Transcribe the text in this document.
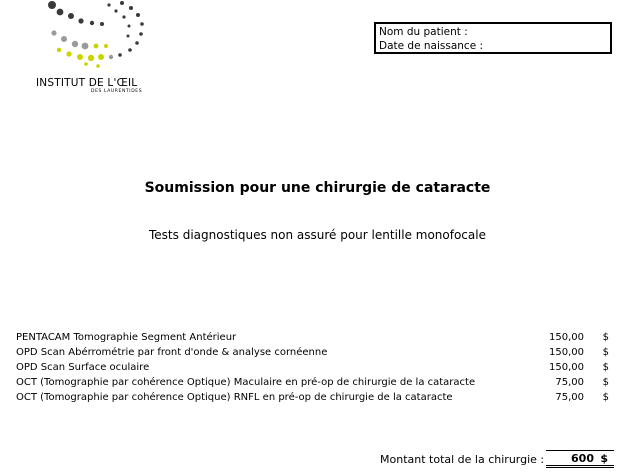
INSTITUT DE L'ŒIL
DES LAURENTIDES
Nom du patient :
Date de naissance :
Soumission pour une chirurgie de cataracte
Tests diagnostiques non assuré pour lentille monofocale
PENTACAM Tomographie Segment Antérieur	150,00 $
OPD Scan Abérrométrie par front d'onde & analyse cornéenne	150,00 $
OPD Scan Surface oculaire	150,00 $
OCT (Tomographie par cohérence Optique) Maculaire en pré-op de chirurgie de la cataracte	75,00 $
OCT (Tomographie par cohérence Optique) RNFL en pré-op de chirurgie de la cataracte	75,00 $
Montant total de la chirurgie : 600 $
